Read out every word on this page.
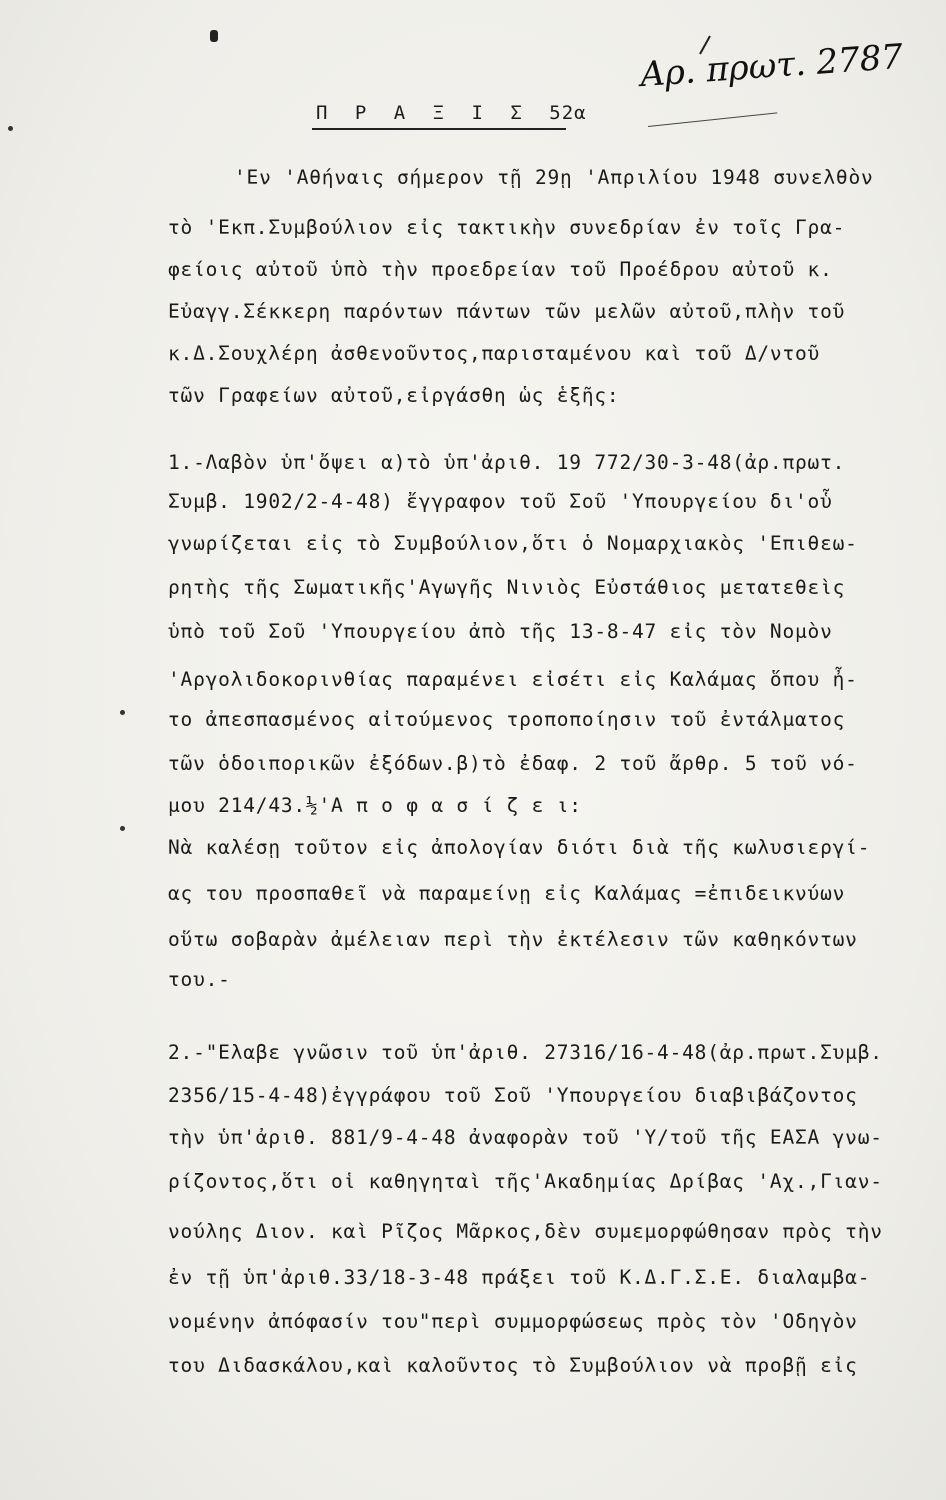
Αρ. πρωτ. 2787
Π Ρ Α Ξ Ι Σ 52α
'Εν 'Αθήναις σήμερον τῇ 29ῃ 'Απριλίου 1948 συνελθὸν
τὸ 'Εκπ.Συμβούλιον εἰς τακτικὴν συνεδρίαν ἐν τοῖς Γρα-
φείοις αὐτοῦ ὑπὸ τὴν προεδρείαν τοῦ Προέδρου αὐτοῦ κ.
Εὐαγγ.Σέκκερη παρόντων πάντων τῶν μελῶν αὐτοῦ,πλὴν τοῦ
κ.Δ.Σουχλέρη ἀσθενοῦντος,παρισταμένου καὶ τοῦ Δ/ντοῦ
τῶν Γραφείων αὐτοῦ,εἰργάσθη ὡς ἑξῆς:
1.-Λαβὸν ὑπ'ὄψει α)τὸ ὑπ'ἀριθ. 19 772/30-3-48(ἀρ.πρωτ.
Συμβ. 1902/2-4-48) ἔγγραφον τοῦ Σοῦ 'Υπουργείου δι'οὗ
γνωρίζεται εἰς τὸ Συμβούλιον,ὅτι ὁ Νομαρχιακὸς 'Επιθεω-
ρητὴς τῆς Σωματικῆς'Αγωγῆς Νινιὸς Εὐστάθιος μετατεθεὶς
ὑπὸ τοῦ Σοῦ 'Υπουργείου ἀπὸ τῆς 13-8-47 εἰς τὸν Νομὸν
'Αργολιδοκορινθίας παραμένει εἰσέτι εἰς Καλάμας ὅπου ἦ-
το ἀπεσπασμένος αἰτούμενος τροποποίησιν τοῦ ἐντάλματος
τῶν ὁδοιπορικῶν ἐξόδων.β)τὸ ἐδαφ. 2 τοῦ ἄρθρ. 5 τοῦ νό-
μου 214/43.½'Α π ο φ α σ ί ζ ε ι:
Νὰ καλέσῃ τοῦτον εἰς ἀπολογίαν διότι διὰ τῆς κωλυσιεργί-
ας του προσπαθεῖ νὰ παραμείνῃ εἰς Καλάμας =ἐπιδεικνύων
οὕτω σοβαρὰν ἀμέλειαν περὶ τὴν ἐκτέλεσιν τῶν καθηκόντων
του.-
2.-"Ελαβε γνῶσιν τοῦ ὑπ'ἀριθ. 27316/16-4-48(ἀρ.πρωτ.Συμβ.
2356/15-4-48)ἐγγράφου τοῦ Σοῦ 'Υπουργείου διαβιβάζοντος
τὴν ὑπ'ἀριθ. 881/9-4-48 ἀναφορὰν τοῦ 'Υ/τοῦ τῆς ΕΑΣΑ γνω-
ρίζοντος,ὅτι οἱ καθηγηταὶ τῆς'Ακαδημίας Δρίβας 'Αχ.,Γιαν-
νούλης Διον. καὶ Ρῖζος Μᾶρκος,δὲν συμεμορφώθησαν πρὸς τὴν
ἐν τῇ ὑπ'ἀριθ.33/18-3-48 πράξει τοῦ Κ.Δ.Γ.Σ.Ε. διαλαμβα-
νομένην ἀπόφασίν του"περὶ συμμορφώσεως πρὸς τὸν 'Οδηγὸν
του Διδασκάλου,καὶ καλοῦντος τὸ Συμβούλιον νὰ προβῇ εἰς
